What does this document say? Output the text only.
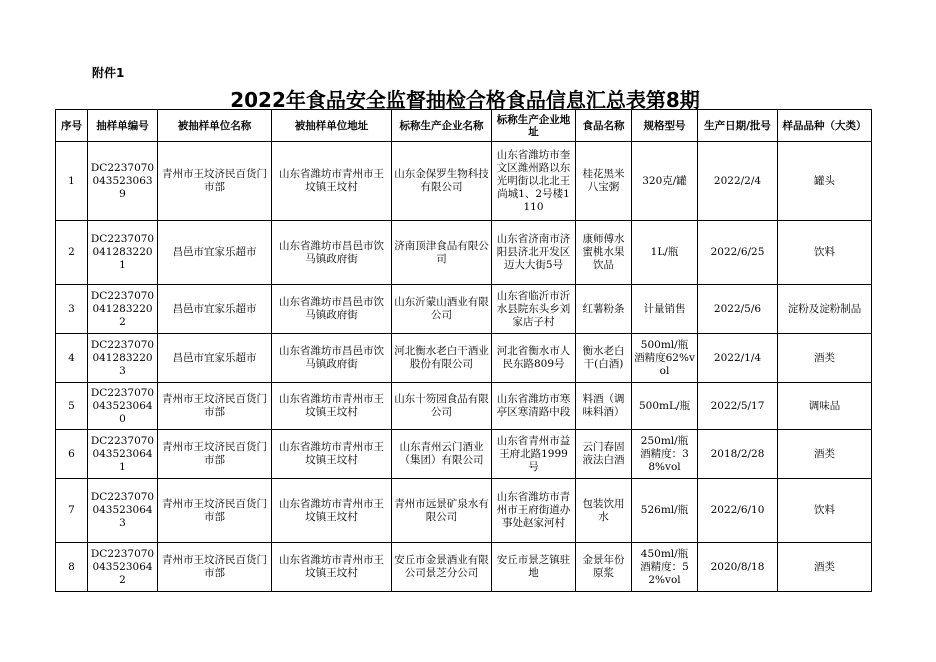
附件1
2022年食品安全监督抽检合格食品信息汇总表第8期
序号	抽样单编号	被抽样单位名称	被抽样单位地址	标称生产企业名称	标称生产企业地址	食品名称	规格型号	生产日期/批号	样品品种（大类）
1	DC22370700435230639	青州市王坟济民百货门市部	山东省潍坊市青州市王坟镇王坟村	山东金保罗生物科技有限公司	山东省潍坊市奎文区潍州路以东光明街以北北王尚城1、2号楼1110	桂花黑米八宝粥	320克/罐	2022/2/4	罐头
2	DC22370700412832201	昌邑市宜家乐超市	山东省潍坊市昌邑市饮马镇政府街	济南顶津食品有限公司	山东省济南市济阳县济北开发区迈大大街5号	康师傅水蜜桃水果饮品	1L/瓶	2022/6/25	饮料
3	DC22370700412832202	昌邑市宜家乐超市	山东省潍坊市昌邑市饮马镇政府街	山东沂蒙山酒业有限公司	山东省临沂市沂水县院东头乡刘家店子村	红薯粉条	计量销售	2022/5/6	淀粉及淀粉制品
4	DC22370700412832203	昌邑市宜家乐超市	山东省潍坊市昌邑市饮马镇政府街	河北衡水老白干酒业股份有限公司	河北省衡水市人民东路809号	衡水老白干(白酒)	500ml/瓶 酒精度62%vol	2022/1/4	酒类
5	DC22370700435230640	青州市王坟济民百货门市部	山东省潍坊市青州市王坟镇王坟村	山东十笏园食品有限公司	山东省潍坊市寒亭区寒清路中段	料酒（调味料酒）	500mL/瓶	2022/5/17	调味品
6	DC22370700435230641	青州市王坟济民百货门市部	山东省潍坊市青州市王坟镇王坟村	山东青州云门酒业（集团）有限公司	山东省青州市益王府北路1999号	云门春固液法白酒	250ml/瓶 酒精度：38%vol	2018/2/28	酒类
7	DC22370700435230643	青州市王坟济民百货门市部	山东省潍坊市青州市王坟镇王坟村	青州市远景矿泉水有限公司	山东省潍坊市青州市王府街道办事处赵家河村	包装饮用水	526ml/瓶	2022/6/10	饮料
8	DC22370700435230642	青州市王坟济民百货门市部	山东省潍坊市青州市王坟镇王坟村	安丘市金景酒业有限公司景芝分公司	安丘市景芝镇驻地	金景年份原浆	450ml/瓶 酒精度：52%vol	2020/8/18	酒类
